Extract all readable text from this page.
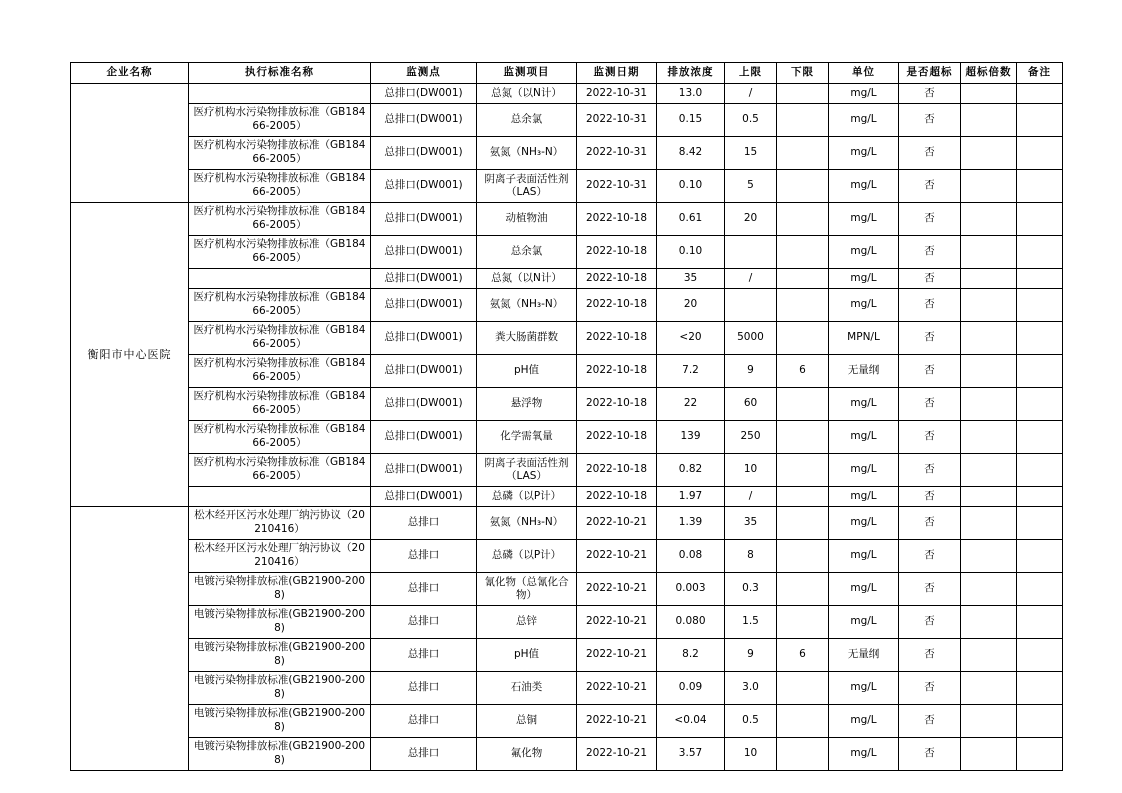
企业名称	执行标准名称	监测点	监测项目	监测日期	排放浓度	上限	下限	单位	是否超标	超标倍数	备注
		总排口(DW001)	总氮（以N计）	2022-10-31	13.0	/		mg/L	否		
	医疗机构水污染物排放标准（GB18466-2005）	总排口(DW001)	总余氯	2022-10-31	0.15	0.5		mg/L	否		
	医疗机构水污染物排放标准（GB18466-2005）	总排口(DW001)	氨氮（NH₃-N）	2022-10-31	8.42	15		mg/L	否		
	医疗机构水污染物排放标准（GB18466-2005）	总排口(DW001)	阴离子表面活性剂（LAS）	2022-10-31	0.10	5		mg/L	否		
衡阳市中心医院	医疗机构水污染物排放标准（GB18466-2005）	总排口(DW001)	动植物油	2022-10-18	0.61	20		mg/L	否		
	医疗机构水污染物排放标准（GB18466-2005）	总排口(DW001)	总余氯	2022-10-18	0.10			mg/L	否		
		总排口(DW001)	总氮（以N计）	2022-10-18	35	/		mg/L	否		
	医疗机构水污染物排放标准（GB18466-2005）	总排口(DW001)	氨氮（NH₃-N）	2022-10-18	20			mg/L	否		
	医疗机构水污染物排放标准（GB18466-2005）	总排口(DW001)	粪大肠菌群数	2022-10-18	<20	5000		MPN/L	否		
	医疗机构水污染物排放标准（GB18466-2005）	总排口(DW001)	pH值	2022-10-18	7.2	9	6	无量纲	否		
	医疗机构水污染物排放标准（GB18466-2005）	总排口(DW001)	悬浮物	2022-10-18	22	60		mg/L	否		
	医疗机构水污染物排放标准（GB18466-2005）	总排口(DW001)	化学需氧量	2022-10-18	139	250		mg/L	否		
	医疗机构水污染物排放标准（GB18466-2005）	总排口(DW001)	阴离子表面活性剂（LAS）	2022-10-18	0.82	10		mg/L	否		
		总排口(DW001)	总磷（以P计）	2022-10-18	1.97	/		mg/L	否		
	松木经开区污水处理厂纳污协议（20210416）	总排口	氨氮（NH₃-N）	2022-10-21	1.39	35		mg/L	否		
	松木经开区污水处理厂纳污协议（20210416）	总排口	总磷（以P计）	2022-10-21	0.08	8		mg/L	否		
	电镀污染物排放标准(GB21900-2008)	总排口	氰化物（总氰化合物）	2022-10-21	0.003	0.3		mg/L	否		
	电镀污染物排放标准(GB21900-2008)	总排口	总锌	2022-10-21	0.080	1.5		mg/L	否		
	电镀污染物排放标准(GB21900-2008)	总排口	pH值	2022-10-21	8.2	9	6	无量纲	否		
	电镀污染物排放标准(GB21900-2008)	总排口	石油类	2022-10-21	0.09	3.0		mg/L	否		
	电镀污染物排放标准(GB21900-2008)	总排口	总铜	2022-10-21	<0.04	0.5		mg/L	否		
	电镀污染物排放标准(GB21900-2008)	总排口	氟化物	2022-10-21	3.57	10		mg/L	否		
